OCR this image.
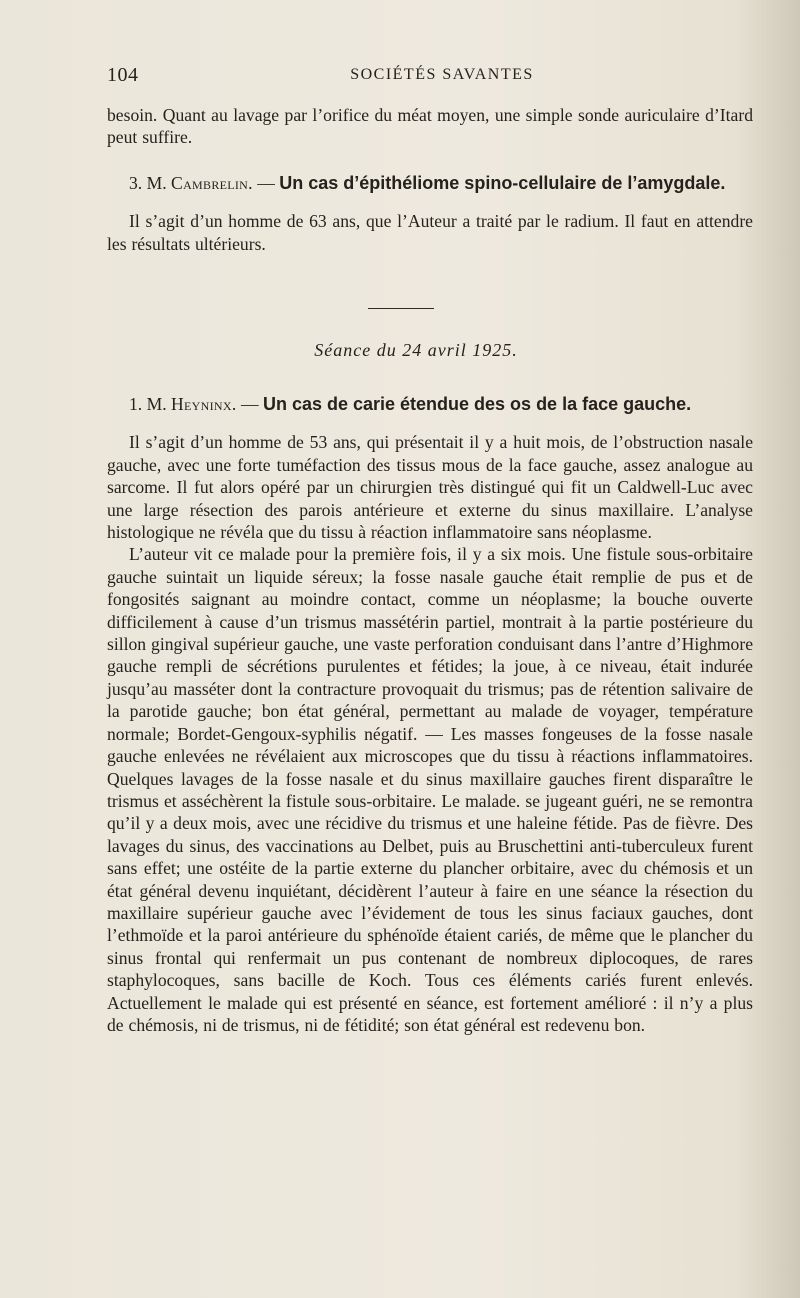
104	SOCIÉTÉS SAVANTES

besoin. Quant au lavage par l’orifice du méat moyen, une simple sonde auriculaire d’Itard peut suffire.

3. M. Cambrelin. — Un cas d’épithéliome spino-cellulaire de l’amygdale.

Il s’agit d’un homme de 63 ans, que l’Auteur a traité par le radium. Il faut en attendre les résultats ultérieurs.

Séance du 24 avril 1925.
1. M. Heyninx. — Un cas de carie étendue des os de la face gauche.

Il s’agit d’un homme de 53 ans, qui présentait il y a huit mois, de l’obstruction nasale gauche, avec une forte tuméfaction des tissus mous de la face gauche, assez analogue au sarcome. Il fut alors opéré par un chirurgien très distingué qui fit un Caldwell-Luc avec une large résection des parois antérieure et externe du sinus maxillaire. L’analyse histologique ne révéla que du tissu à réaction inflammatoire sans néoplasme.

L’auteur vit ce malade pour la première fois, il y a six mois. Une fistule sous-orbitaire gauche suintait un liquide séreux; la fosse nasale gauche était remplie de pus et de fongosités saignant au moindre contact, comme un néoplasme; la bouche ouverte difficilement à cause d’un trismus massétérin partiel, montrait à la partie postérieure du sillon gingival supérieur gauche, une vaste perforation conduisant dans l’antre d’Highmore gauche rempli de sécrétions purulentes et fétides; la joue, à ce niveau, était indurée jusqu’au masséter dont la contracture provoquait du trismus; pas de rétention salivaire de la parotide gauche; bon état général, permettant au malade de voyager, température normale; Bordet-Gengoux-syphilis négatif. — Les masses fongeuses de la fosse nasale gauche enlevées ne révélaient aux microscopes que du tissu à réactions inflammatoires. Quelques lavages de la fosse nasale et du sinus maxillaire gauches firent disparaître le trismus et asséchèrent la fistule sous-orbitaire. Le malade. se jugeant guéri, ne se remontra qu’il y a deux mois, avec une récidive du trismus et une haleine fétide. Pas de fièvre. Des lavages du sinus, des vaccinations au Delbet, puis au Bruschettini anti-tuberculeux furent sans effet; une ostéite de la partie externe du plancher orbitaire, avec du chémosis et un état général devenu inquiétant, décidèrent l’auteur à faire en une séance la résection du maxillaire supérieur gauche avec l’évidement de tous les sinus faciaux gauches, dont l’ethmoïde et la paroi antérieure du sphénoïde étaient cariés, de même que le plancher du sinus frontal qui renfermait un pus contenant de nombreux diplocoques, de rares staphylocoques, sans bacille de Koch. Tous ces éléments cariés furent enlevés. Actuellement le malade qui est présenté en séance, est fortement amélioré : il n’y a plus de chémosis, ni de trismus, ni de fétidité; son état général est redevenu bon.
